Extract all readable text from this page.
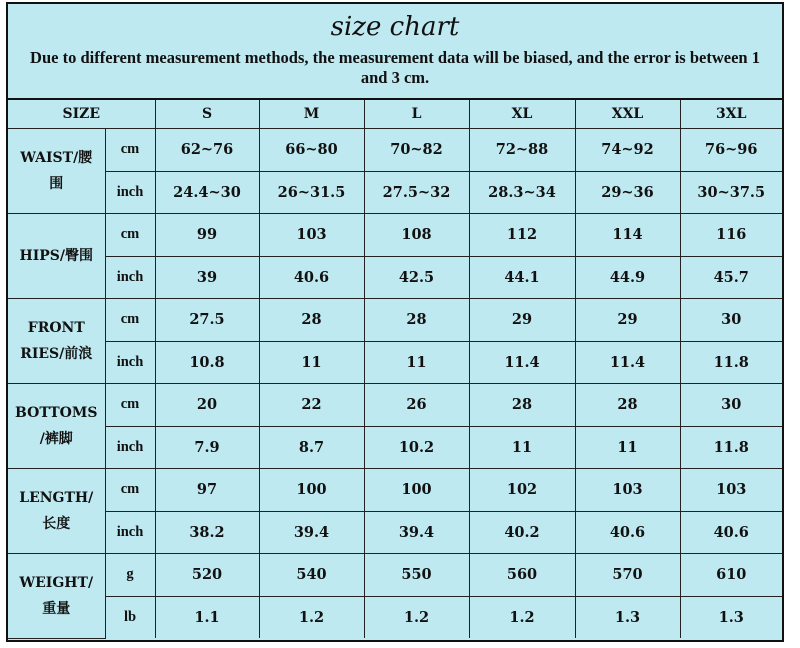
size chart
Due to different measurement methods, the measurement data will be biased, and the error is between 1 and 3 cm.
SIZE		S	M	L	XL	XXL	3XL
WAIST/腰
围	cm	62~76	66~80	70~82	72~88	74~92	76~96
	inch	24.4~30	26~31.5	27.5~32	28.3~34	29~36	30~37.5
HIPS/臀围	cm	99	103	108	112	114	116
	inch	39	40.6	42.5	44.1	44.9	45.7
FRONT
RIES/前浪	cm	27.5	28	28	29	29	30
	inch	10.8	11	11	11.4	11.4	11.8
BOTTOMS
/裤脚	cm	20	22	26	28	28	30
	inch	7.9	8.7	10.2	11	11	11.8
LENGTH/
长度	cm	97	100	100	102	103	103
	inch	38.2	39.4	39.4	40.2	40.6	40.6
WEIGHT/
重量	g	520	540	550	560	570	610
	lb	1.1	1.2	1.2	1.2	1.3	1.3
